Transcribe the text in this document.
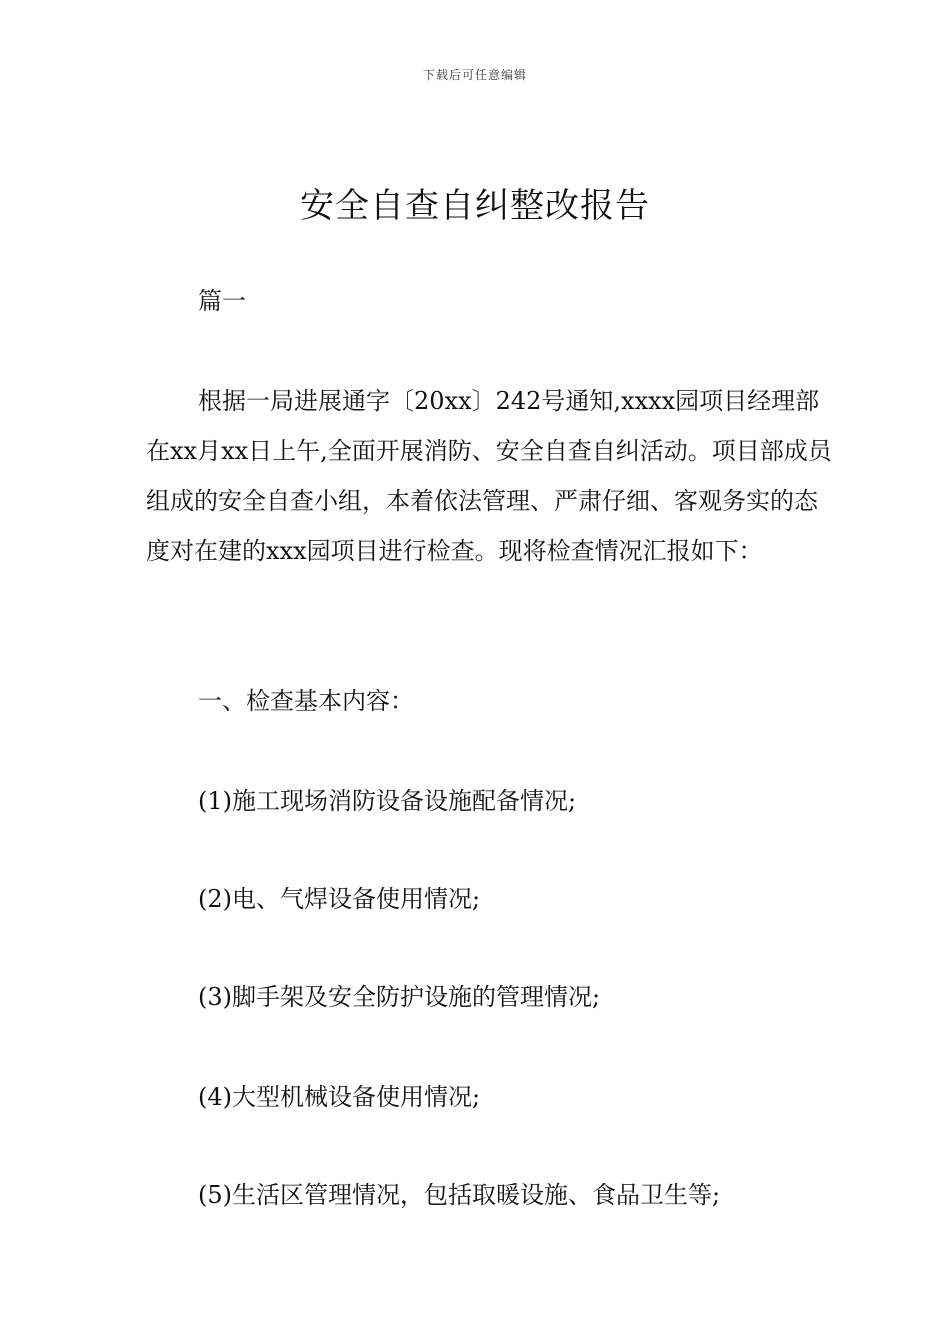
下载后可任意编辑
安全自查自纠整改报告

篇一

根据一局进展通字〔20xx〕242号通知,xxxx园项目经理部在xx月xx日上午,全面开展消防、安全自查自纠活动。项目部成员组成的安全自查小组，本着依法管理、严肃仔细、客观务实的态度对在建的xxx园项目进行检查。现将检查情况汇报如下：

一、检查基本内容：

(1)施工现场消防设备设施配备情况;

(2)电、气焊设备使用情况;

(3)脚手架及安全防护设施的管理情况;

(4)大型机械设备使用情况;

(5)生活区管理情况，包括取暖设施、食品卫生等;
